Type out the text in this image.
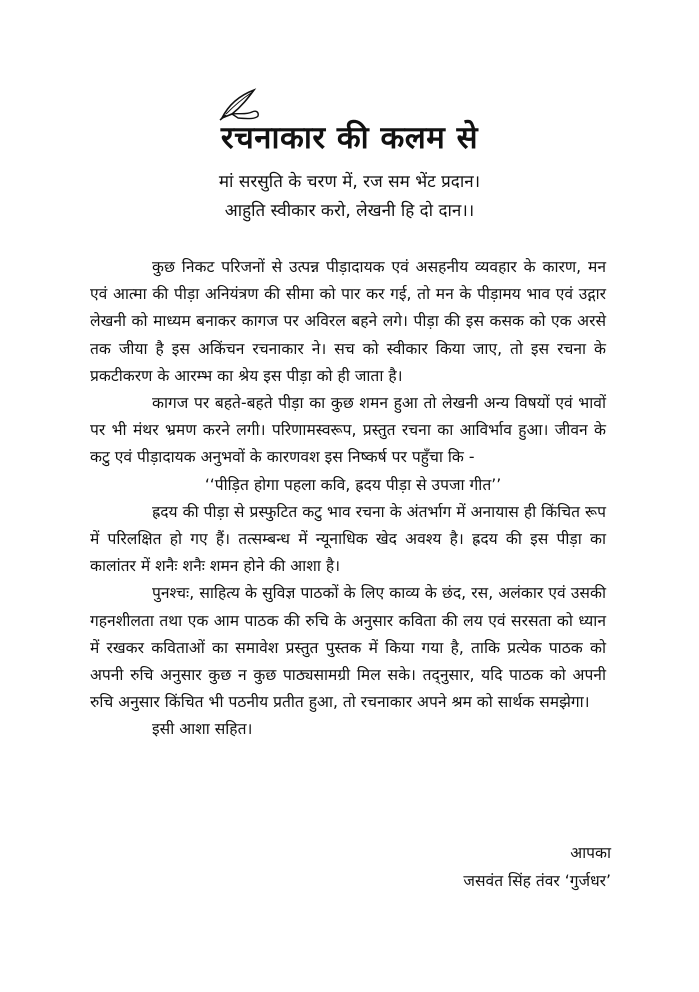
रचनाकार की कलम से
मां सरसुति के चरण में, रज सम भेंट प्रदान।
आहुति स्वीकार करो, लेखनी हि दो दान।।

कुछ निकट परिजनों से उत्पन्न पीड़ादायक एवं असहनीय व्यवहार के कारण, मन एवं आत्मा की पीड़ा अनियंत्रण की सीमा को पार कर गई, तो मन के पीड़ामय भाव एवं उद्गार लेखनी को माध्यम बनाकर कागज पर अविरल बहने लगे। पीड़ा की इस कसक को एक अरसे तक जीया है इस अकिंचन रचनाकार ने। सच को स्वीकार किया जाए, तो इस रचना के प्रकटीकरण के आरम्भ का श्रेय इस पीड़ा को ही जाता है।

कागज पर बहते-बहते पीड़ा का कुछ शमन हुआ तो लेखनी अन्य विषयों एवं भावों पर भी मंथर भ्रमण करने लगी। परिणामस्वरूप, प्रस्तुत रचना का आविर्भाव हुआ। जीवन के कटु एवं पीड़ादायक अनुभवों के कारणवश इस निष्कर्ष पर पहुँचा कि -

‘‘पीड़ित होगा पहला कवि, ह्रदय पीड़ा से उपजा गीत’’

ह्रदय की पीड़ा से प्रस्फुटित कटु भाव रचना के अंतर्भाग में अनायास ही किंचित रूप में परिलक्षित हो गए हैं। तत्सम्बन्ध में न्यूनाधिक खेद अवश्य है। ह्रदय की इस पीड़ा का कालांतर में शनैः शनैः शमन होने की आशा है।

पुनश्चः, साहित्य के सुविज्ञ पाठकों के लिए काव्य के छंद, रस, अलंकार एवं उसकी गहनशीलता तथा एक आम पाठक की रुचि के अनुसार कविता की लय एवं सरसता को ध्यान में रखकर कविताओं का समावेश प्रस्तुत पुस्तक में किया गया है, ताकि प्रत्येक पाठक को अपनी रुचि अनुसार कुछ न कुछ पाठ्यसामग्री मिल सके। तद्नुसार, यदि पाठक को अपनी रुचि अनुसार किंचित भी पठनीय प्रतीत हुआ, तो रचनाकार अपने श्रम को सार्थक समझेगा।

इसी आशा सहित।

आपका
जसवंत सिंह तंवर ‘गुर्जधर’
